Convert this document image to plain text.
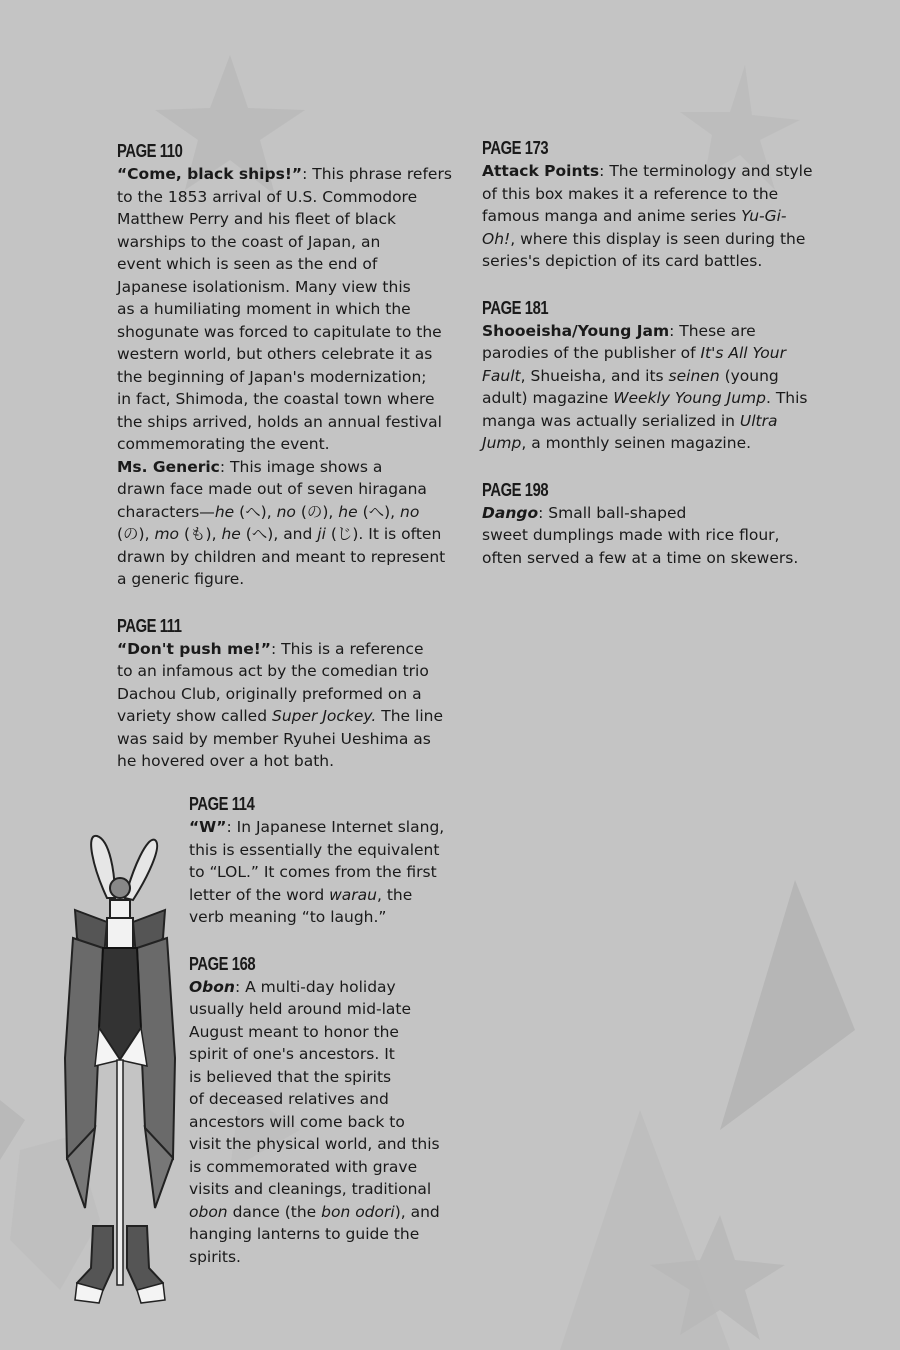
PAGE 110

“Come, black ships!”: This phrase refers
to the 1853 arrival of U.S. Commodore
Matthew Perry and his fleet of black
warships to the coast of Japan, an
event which is seen as the end of
Japanese isolationism. Many view this
as a humiliating moment in which the
shogunate was forced to capitulate to the
western world, but others celebrate it as
the beginning of Japan's modernization;
in fact, Shimoda, the coastal town where
the ships arrived, holds an annual festival
commemorating the event.

Ms. Generic: This image shows a
drawn face made out of seven hiragana
characters—he (へ), no (の), he (へ), no
(の), mo (も), he (へ), and ji (じ). It is often
drawn by children and meant to represent
a generic figure.

PAGE 111

“Don't push me!”: This is a reference
to an infamous act by the comedian trio
Dachou Club, originally preformed on a
variety show called Super Jockey. The line
was said by member Ryuhei Ueshima as
he hovered over a hot bath.

PAGE 114

“W”: In Japanese Internet slang,
this is essentially the equivalent
to “LOL.” It comes from the first
letter of the word warau, the
verb meaning “to laugh.”

PAGE 168

Obon: A multi-day holiday
usually held around mid-late
August meant to honor the
spirit of one's ancestors. It
is believed that the spirits
of deceased relatives and
ancestors will come back to
visit the physical world, and this
is commemorated with grave
visits and cleanings, traditional
obon dance (the bon odori), and
hanging lanterns to guide the
spirits.

PAGE 173

Attack Points: The terminology and style
of this box makes it a reference to the
famous manga and anime series Yu-Gi-
Oh!, where this display is seen during the
series's depiction of its card battles.

PAGE 181

Shooeisha/Young Jam: These are
parodies of the publisher of It's All Your
Fault, Shueisha, and its seinen (young
adult) magazine Weekly Young Jump. This
manga was actually serialized in Ultra
Jump, a monthly seinen magazine.

PAGE 198

Dango: Small ball-shaped
sweet dumplings made with rice flour,
often served a few at a time on skewers.
